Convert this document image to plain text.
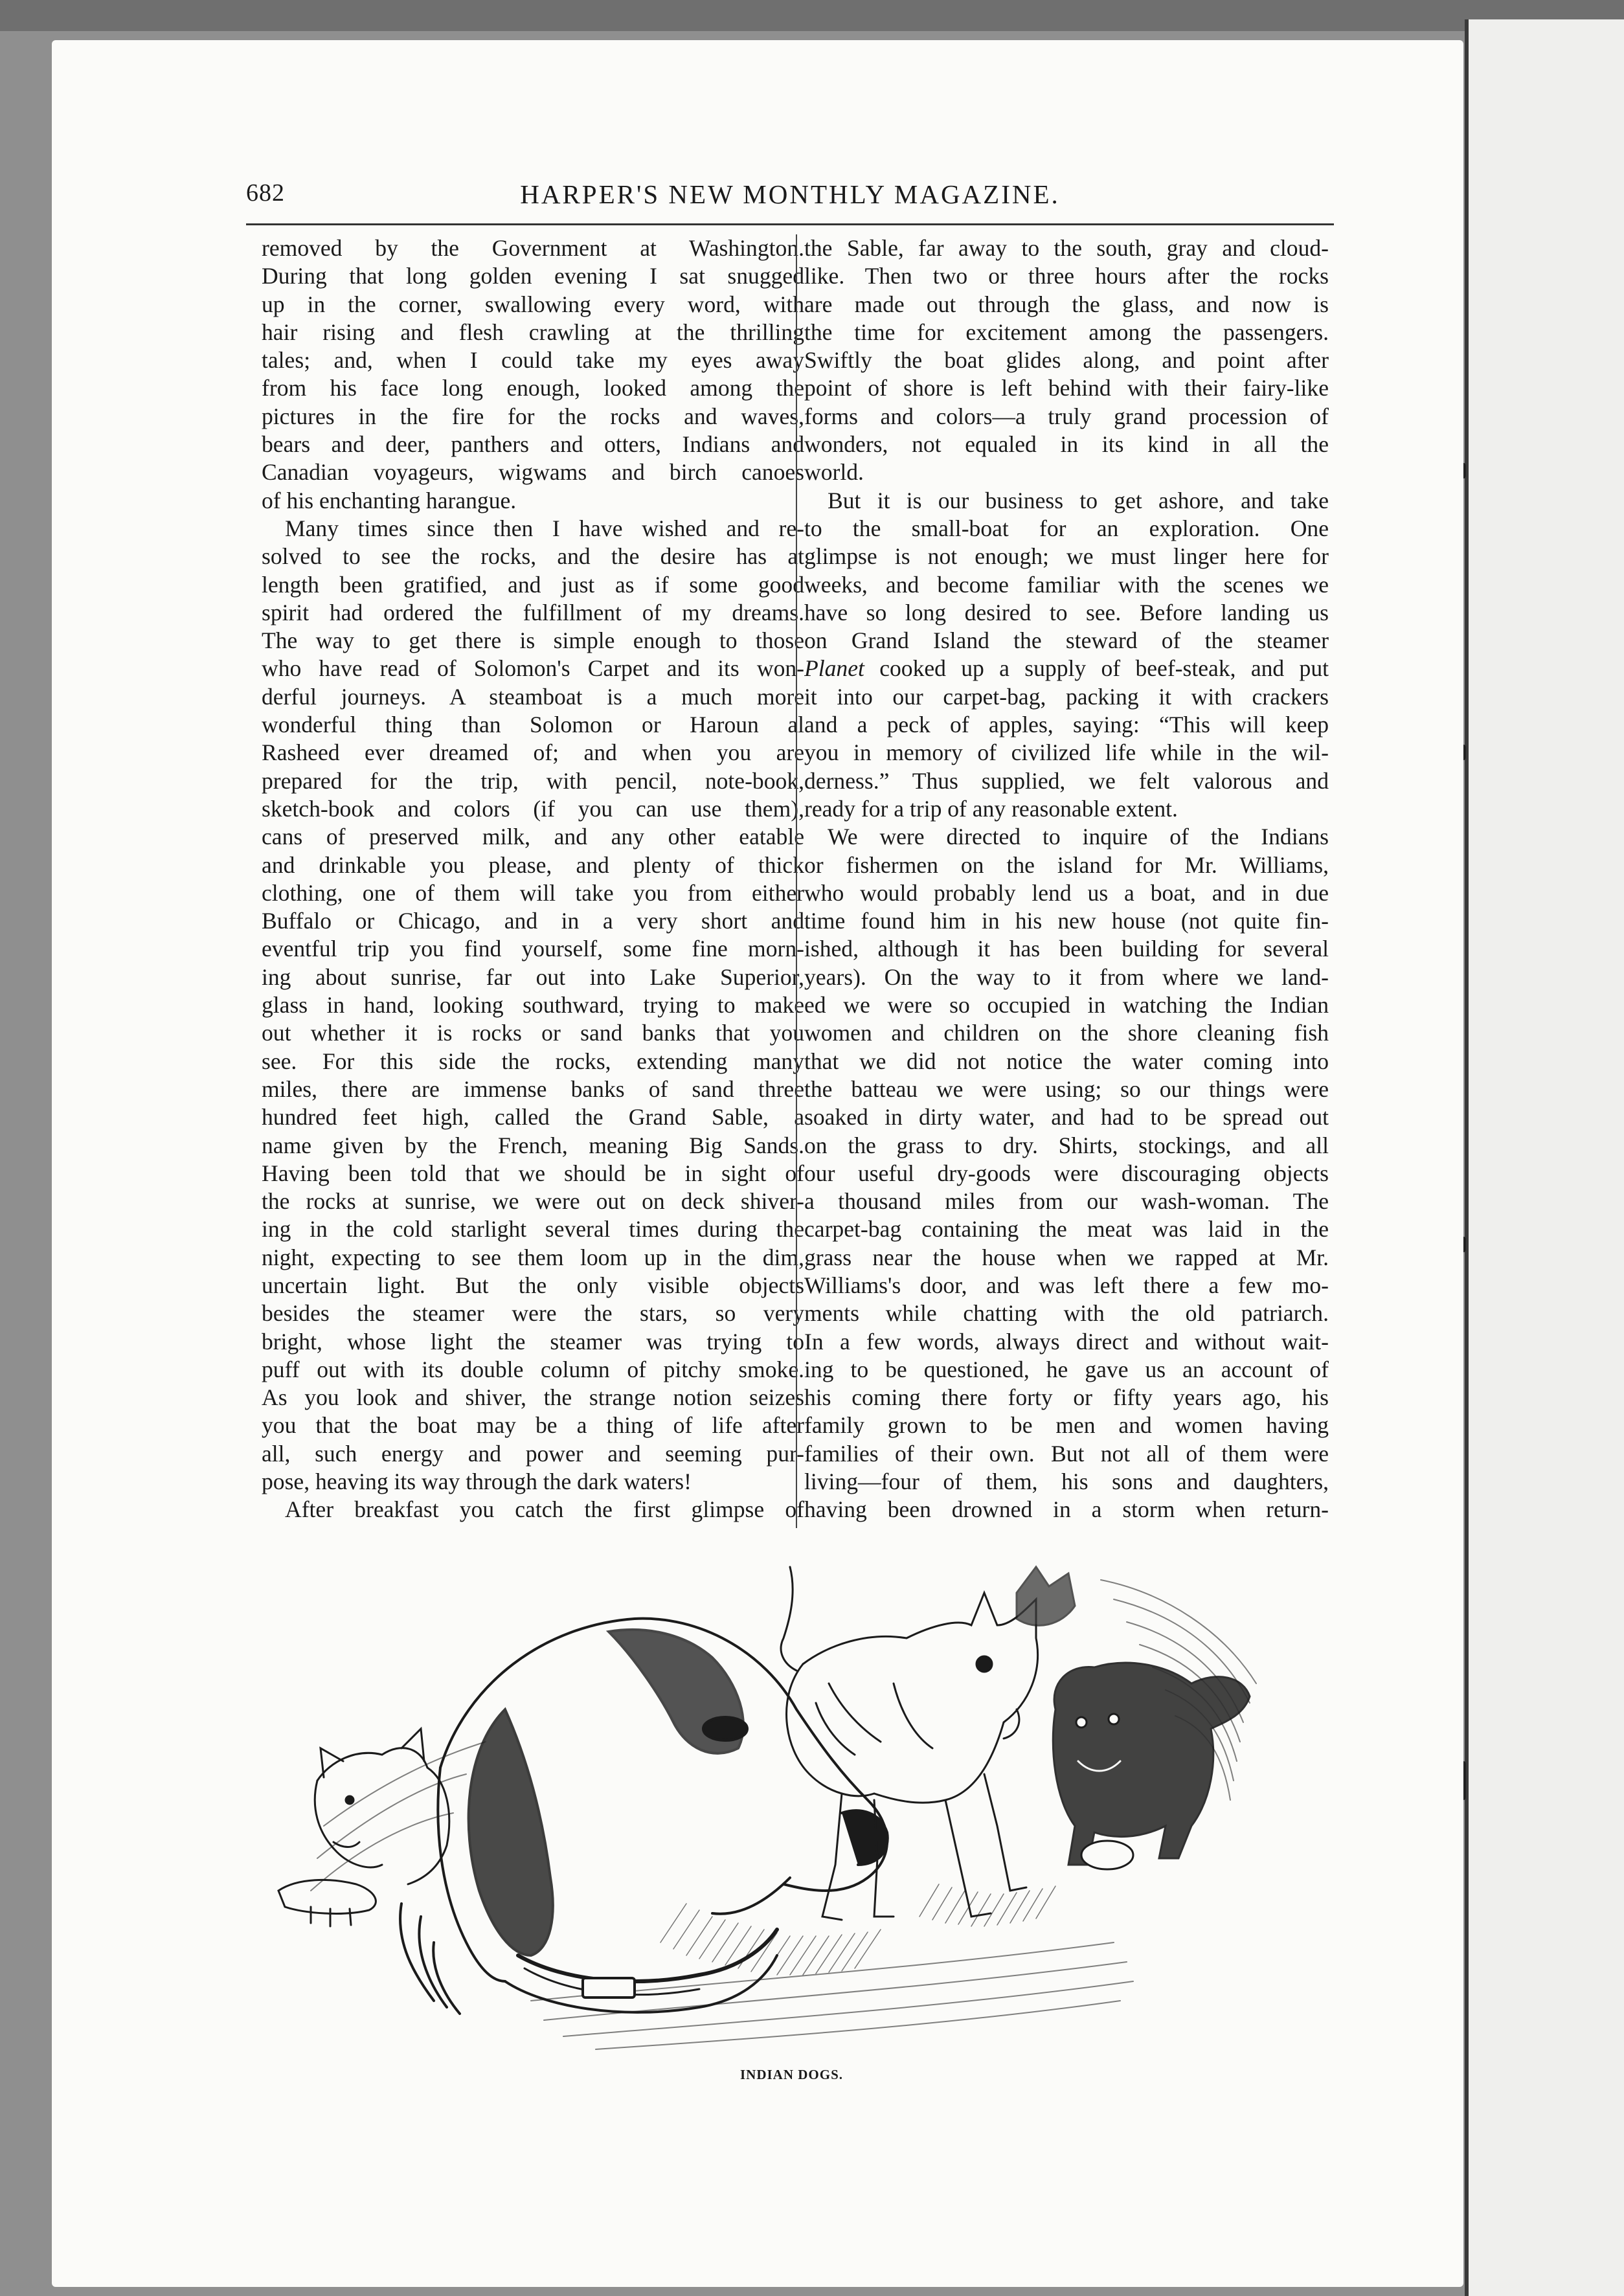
682	HARPER'S NEW MONTHLY MAGAZINE.
removed by the Government at Washington.
During that long golden evening I sat snugged
up in the corner, swallowing every word, with
hair rising and flesh crawling at the thrilling
tales; and, when I could take my eyes away
from his face long enough, looked among the
pictures in the fire for the rocks and waves,
bears and deer, panthers and otters, Indians and
Canadian voyageurs, wigwams and birch canoes
of his enchanting harangue.
Many times since then I have wished and re-
solved to see the rocks, and the desire has at
length been gratified, and just as if some good
spirit had ordered the fulfillment of my dreams.
The way to get there is simple enough to those
who have read of Solomon's Carpet and its won-
derful journeys. A steamboat is a much more
wonderful thing than Solomon or Haroun al
Rasheed ever dreamed of; and when you are
prepared for the trip, with pencil, note-book,
sketch-book and colors (if you can use them),
cans of preserved milk, and any other eatable
and drinkable you please, and plenty of thick
clothing, one of them will take you from either
Buffalo or Chicago, and in a very short and
eventful trip you find yourself, some fine morn-
ing about sunrise, far out into Lake Superior,
glass in hand, looking southward, trying to make
out whether it is rocks or sand banks that you
see. For this side the rocks, extending many
miles, there are immense banks of sand three
hundred feet high, called the Grand Sable, a
name given by the French, meaning Big Sands.
Having been told that we should be in sight of
the rocks at sunrise, we were out on deck shiver-
ing in the cold starlight several times during the
night, expecting to see them loom up in the dim,
uncertain light. But the only visible objects
besides the steamer were the stars, so very
bright, whose light the steamer was trying to
puff out with its double column of pitchy smoke.
As you look and shiver, the strange notion seizes
you that the boat may be a thing of life after
all, such energy and power and seeming pur-
pose, heaving its way through the dark waters!
After breakfast you catch the first glimpse of
the Sable, far away to the south, gray and cloud-
like. Then two or three hours after the rocks
are made out through the glass, and now is
the time for excitement among the passengers.
Swiftly the boat glides along, and point after
point of shore is left behind with their fairy-like
forms and colors—a truly grand procession of
wonders, not equaled in its kind in all the
world.
But it is our business to get ashore, and take
to the small-boat for an exploration. One
glimpse is not enough; we must linger here for
weeks, and become familiar with the scenes we
have so long desired to see. Before landing us
on Grand Island the steward of the steamer
Planet cooked up a supply of beef-steak, and put
it into our carpet-bag, packing it with crackers
and a peck of apples, saying: “This will keep
you in memory of civilized life while in the wil-
derness.” Thus supplied, we felt valorous and
ready for a trip of any reasonable extent.
We were directed to inquire of the Indians
or fishermen on the island for Mr. Williams,
who would probably lend us a boat, and in due
time found him in his new house (not quite fin-
ished, although it has been building for several
years). On the way to it from where we land-
ed we were so occupied in watching the Indian
women and children on the shore cleaning fish
that we did not notice the water coming into
the batteau we were using; so our things were
soaked in dirty water, and had to be spread out
on the grass to dry. Shirts, stockings, and all
our useful dry-goods were discouraging objects
a thousand miles from our wash-woman. The
carpet-bag containing the meat was laid in the
grass near the house when we rapped at Mr.
Williams's door, and was left there a few mo-
ments while chatting with the old patriarch.
In a few words, always direct and without wait-
ing to be questioned, he gave us an account of
his coming there forty or fifty years ago, his
family grown to be men and women having
families of their own. But not all of them were
living—four of them, his sons and daughters,
having been drowned in a storm when return-
INDIAN DOGS.
